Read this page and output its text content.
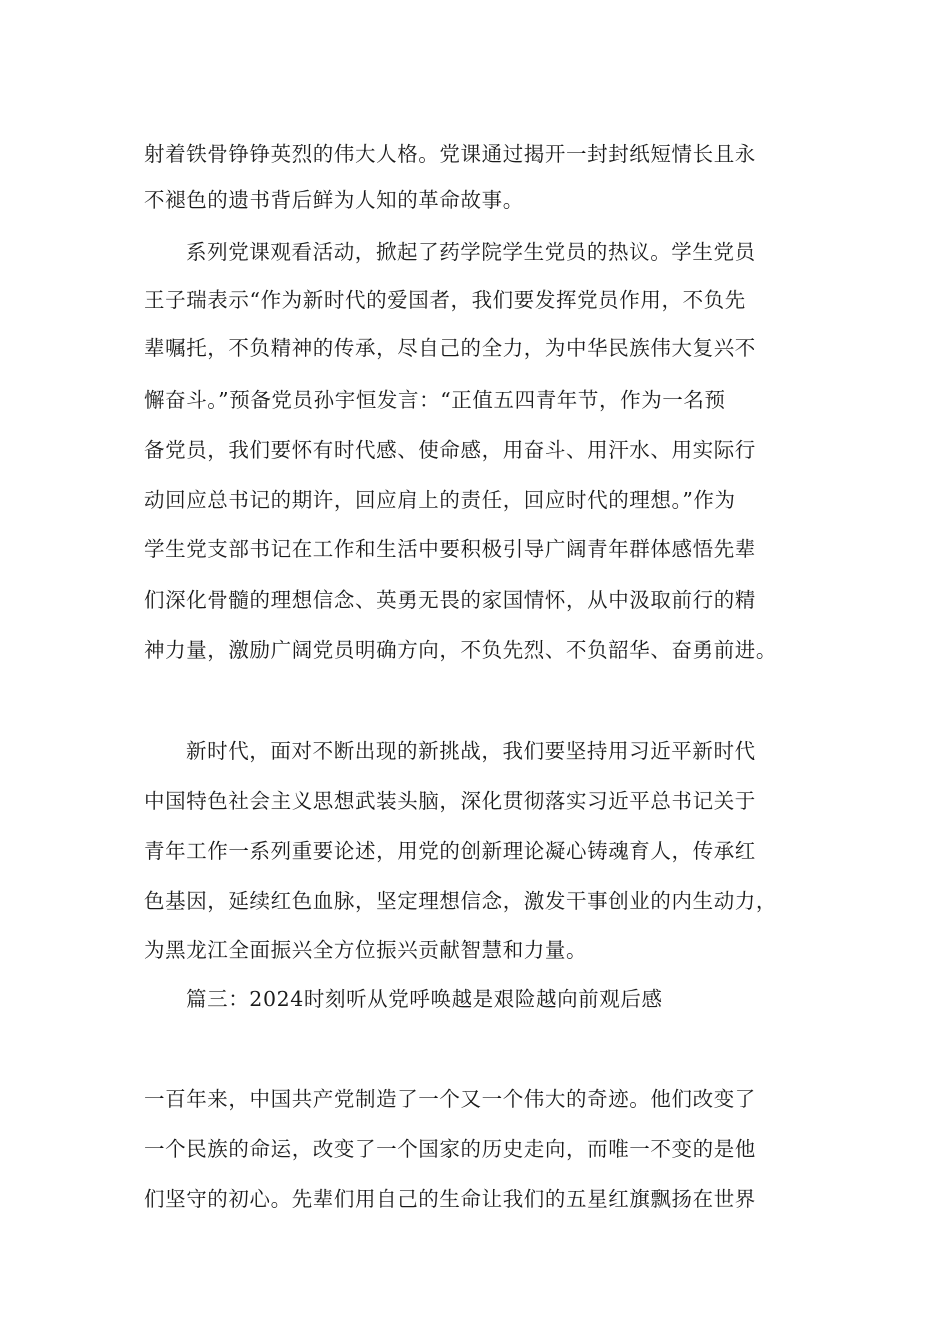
射着铁骨铮铮英烈的伟大人格。党课通过揭开一封封纸短情长且永
不褪色的遗书背后鲜为人知的革命故事。
系列党课观看活动，掀起了药学院学生党员的热议。学生党员
王子瑞表示“作为新时代的爱国者，我们要发挥党员作用，不负先
辈嘱托，不负精神的传承，尽自己的全力，为中华民族伟大复兴不
懈奋斗。”预备党员孙宇恒发言：“正值五四青年节，作为一名预
备党员，我们要怀有时代感、使命感，用奋斗、用汗水、用实际行
动回应总书记的期许，回应肩上的责任，回应时代的理想。”作为
学生党支部书记在工作和生活中要积极引导广阔青年群体感悟先辈
们深化骨髓的理想信念、英勇无畏的家国情怀，从中汲取前行的精
神力量，激励广阔党员明确方向，不负先烈、不负韶华、奋勇前进。
新时代，面对不断出现的新挑战，我们要坚持用习近平新时代
中国特色社会主义思想武装头脑，深化贯彻落实习近平总书记关于
青年工作一系列重要论述，用党的创新理论凝心铸魂育人，传承红
色基因，延续红色血脉，坚定理想信念，激发干事创业的内生动力，
为黑龙江全面振兴全方位振兴贡献智慧和力量。
篇三：2024时刻听从党呼唤越是艰险越向前观后感
一百年来，中国共产党制造了一个又一个伟大的奇迹。他们改变了
一个民族的命运，改变了一个国家的历史走向，而唯一不变的是他
们坚守的初心。先辈们用自己的生命让我们的五星红旗飘扬在世界
